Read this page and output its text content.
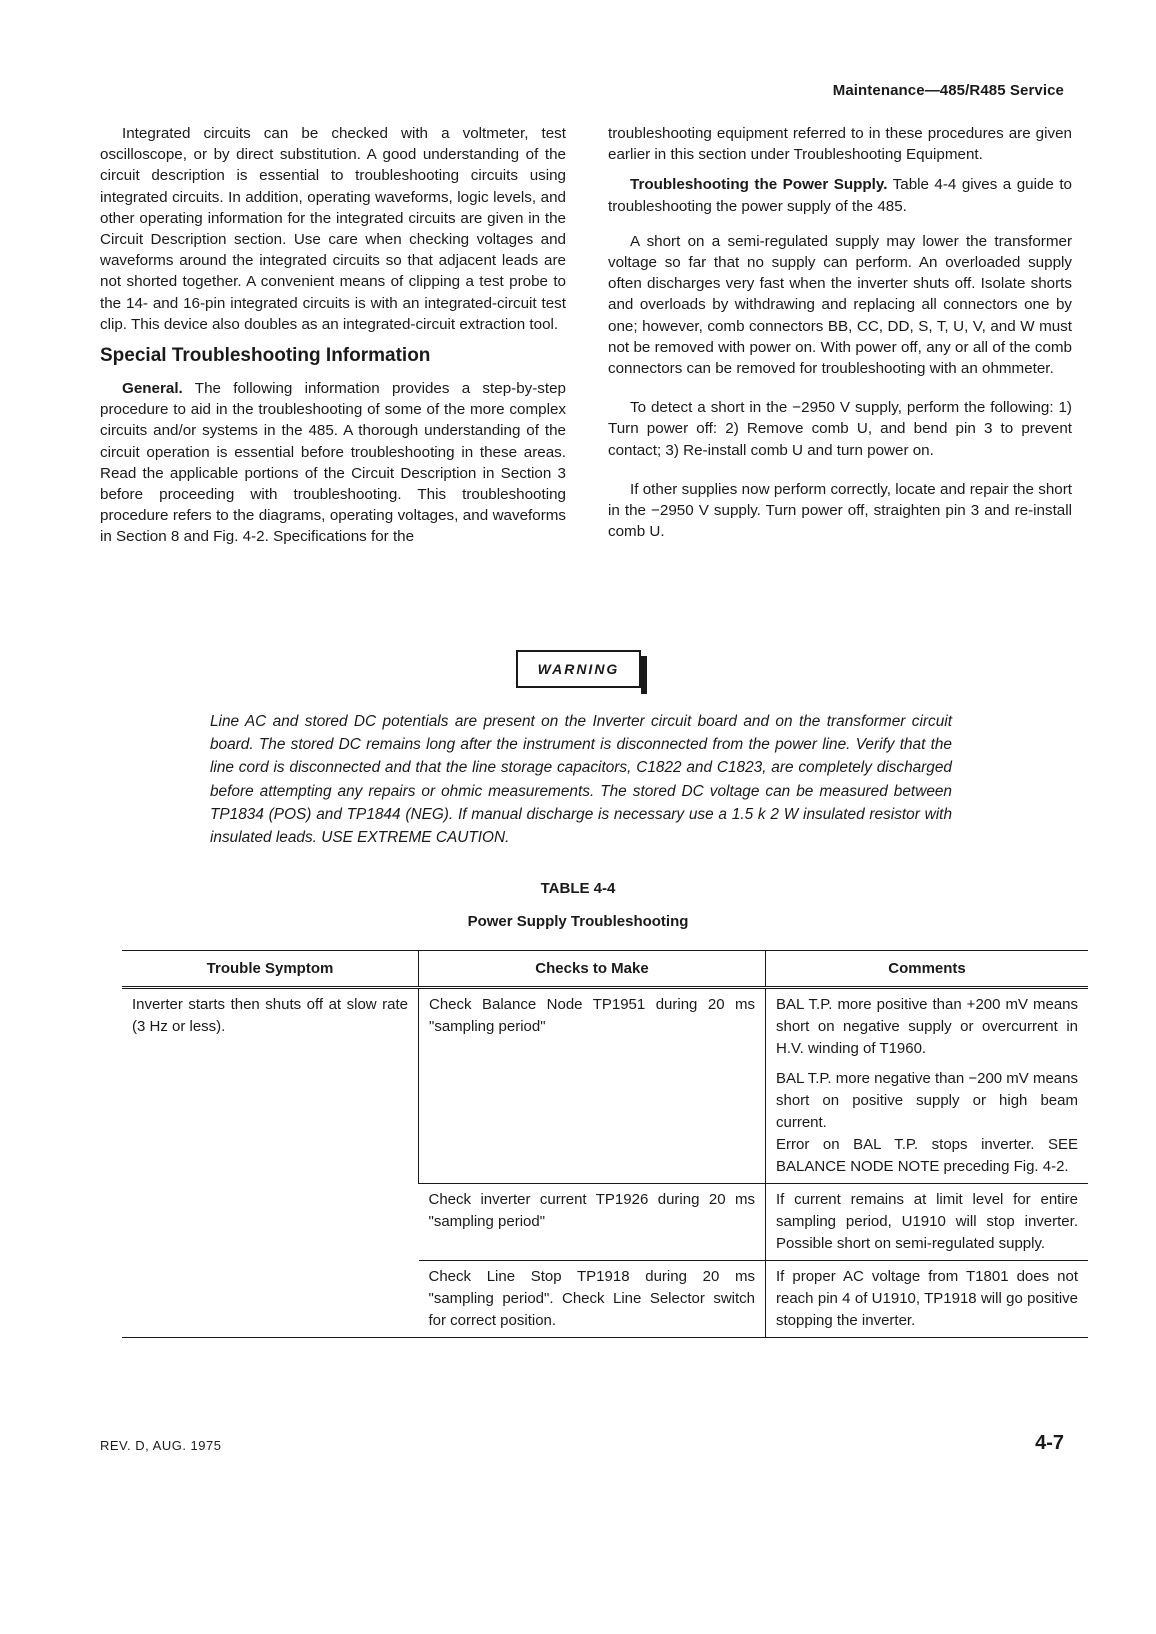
Maintenance—485/R485 Service

Integrated circuits can be checked with a voltmeter, test oscilloscope, or by direct substitution. A good understanding of the circuit description is essential to troubleshooting circuits using integrated circuits. In addition, operating waveforms, logic levels, and other operating information for the integrated circuits are given in the Circuit Description section. Use care when checking voltages and waveforms around the integrated circuits so that adjacent leads are not shorted together. A convenient means of clipping a test probe to the 14- and 16-pin integrated circuits is with an integrated-circuit test clip. This device also doubles as an integrated-circuit extraction tool.

Special Troubleshooting Information

General. The following information provides a step-by-step procedure to aid in the troubleshooting of some of the more complex circuits and/or systems in the 485. A thorough understanding of the circuit operation is essential before troubleshooting in these areas. Read the applicable portions of the Circuit Description in Section 3 before proceeding with troubleshooting. This troubleshooting procedure refers to the diagrams, operating voltages, and waveforms in Section 8 and Fig. 4-2. Specifications for the

troubleshooting equipment referred to in these procedures are given earlier in this section under Troubleshooting Equipment.

Troubleshooting the Power Supply. Table 4-4 gives a guide to troubleshooting the power supply of the 485.

A short on a semi-regulated supply may lower the transformer voltage so far that no supply can perform. An overloaded supply often discharges very fast when the inverter shuts off. Isolate shorts and overloads by withdrawing and replacing all connectors one by one; however, comb connectors BB, CC, DD, S, T, U, V, and W must not be removed with power on. With power off, any or all of the comb connectors can be removed for troubleshooting with an ohmmeter.

To detect a short in the −2950 V supply, perform the following: 1) Turn power off: 2) Remove comb U, and bend pin 3 to prevent contact; 3) Re-install comb U and turn power on.

If other supplies now perform correctly, locate and repair the short in the −2950 V supply. Turn power off, straighten pin 3 and re-install comb U.

WARNING
Line AC and stored DC potentials are present on the Inverter circuit board and on the transformer circuit board. The stored DC remains long after the instrument is disconnected from the power line. Verify that the line cord is disconnected and that the line storage capacitors, C1822 and C1823, are completely discharged before attempting any repairs or ohmic measurements. The stored DC voltage can be measured between TP1834 (POS) and TP1844 (NEG). If manual discharge is necessary use a 1.5 k 2 W insulated resistor with insulated leads. USE EXTREME CAUTION.
TABLE 4-4
Power Supply Troubleshooting
Trouble Symptom	Checks to Make	Comments
Inverter starts then shuts off at slow rate (3 Hz or less).	Check Balance Node TP1951 during 20 ms "sampling period"	BAL T.P. more positive than +200 mV means short on negative supply or overcurrent in H.V. winding of T1960.

BAL T.P. more negative than −200 mV means short on positive supply or high beam current.

Error on BAL T.P. stops inverter. SEE BALANCE NODE NOTE preceding Fig. 4-2.

	Check inverter current TP1926 during 20 ms "sampling period"	If current remains at limit level for entire sampling period, U1910 will stop inverter. Possible short on semi-regulated supply.
	Check Line Stop TP1918 during 20 ms "sampling period". Check Line Selector switch for correct position.	If proper AC voltage from T1801 does not reach pin 4 of U1910, TP1918 will go positive stopping the inverter.
REV. D, AUG. 1975	4-7
